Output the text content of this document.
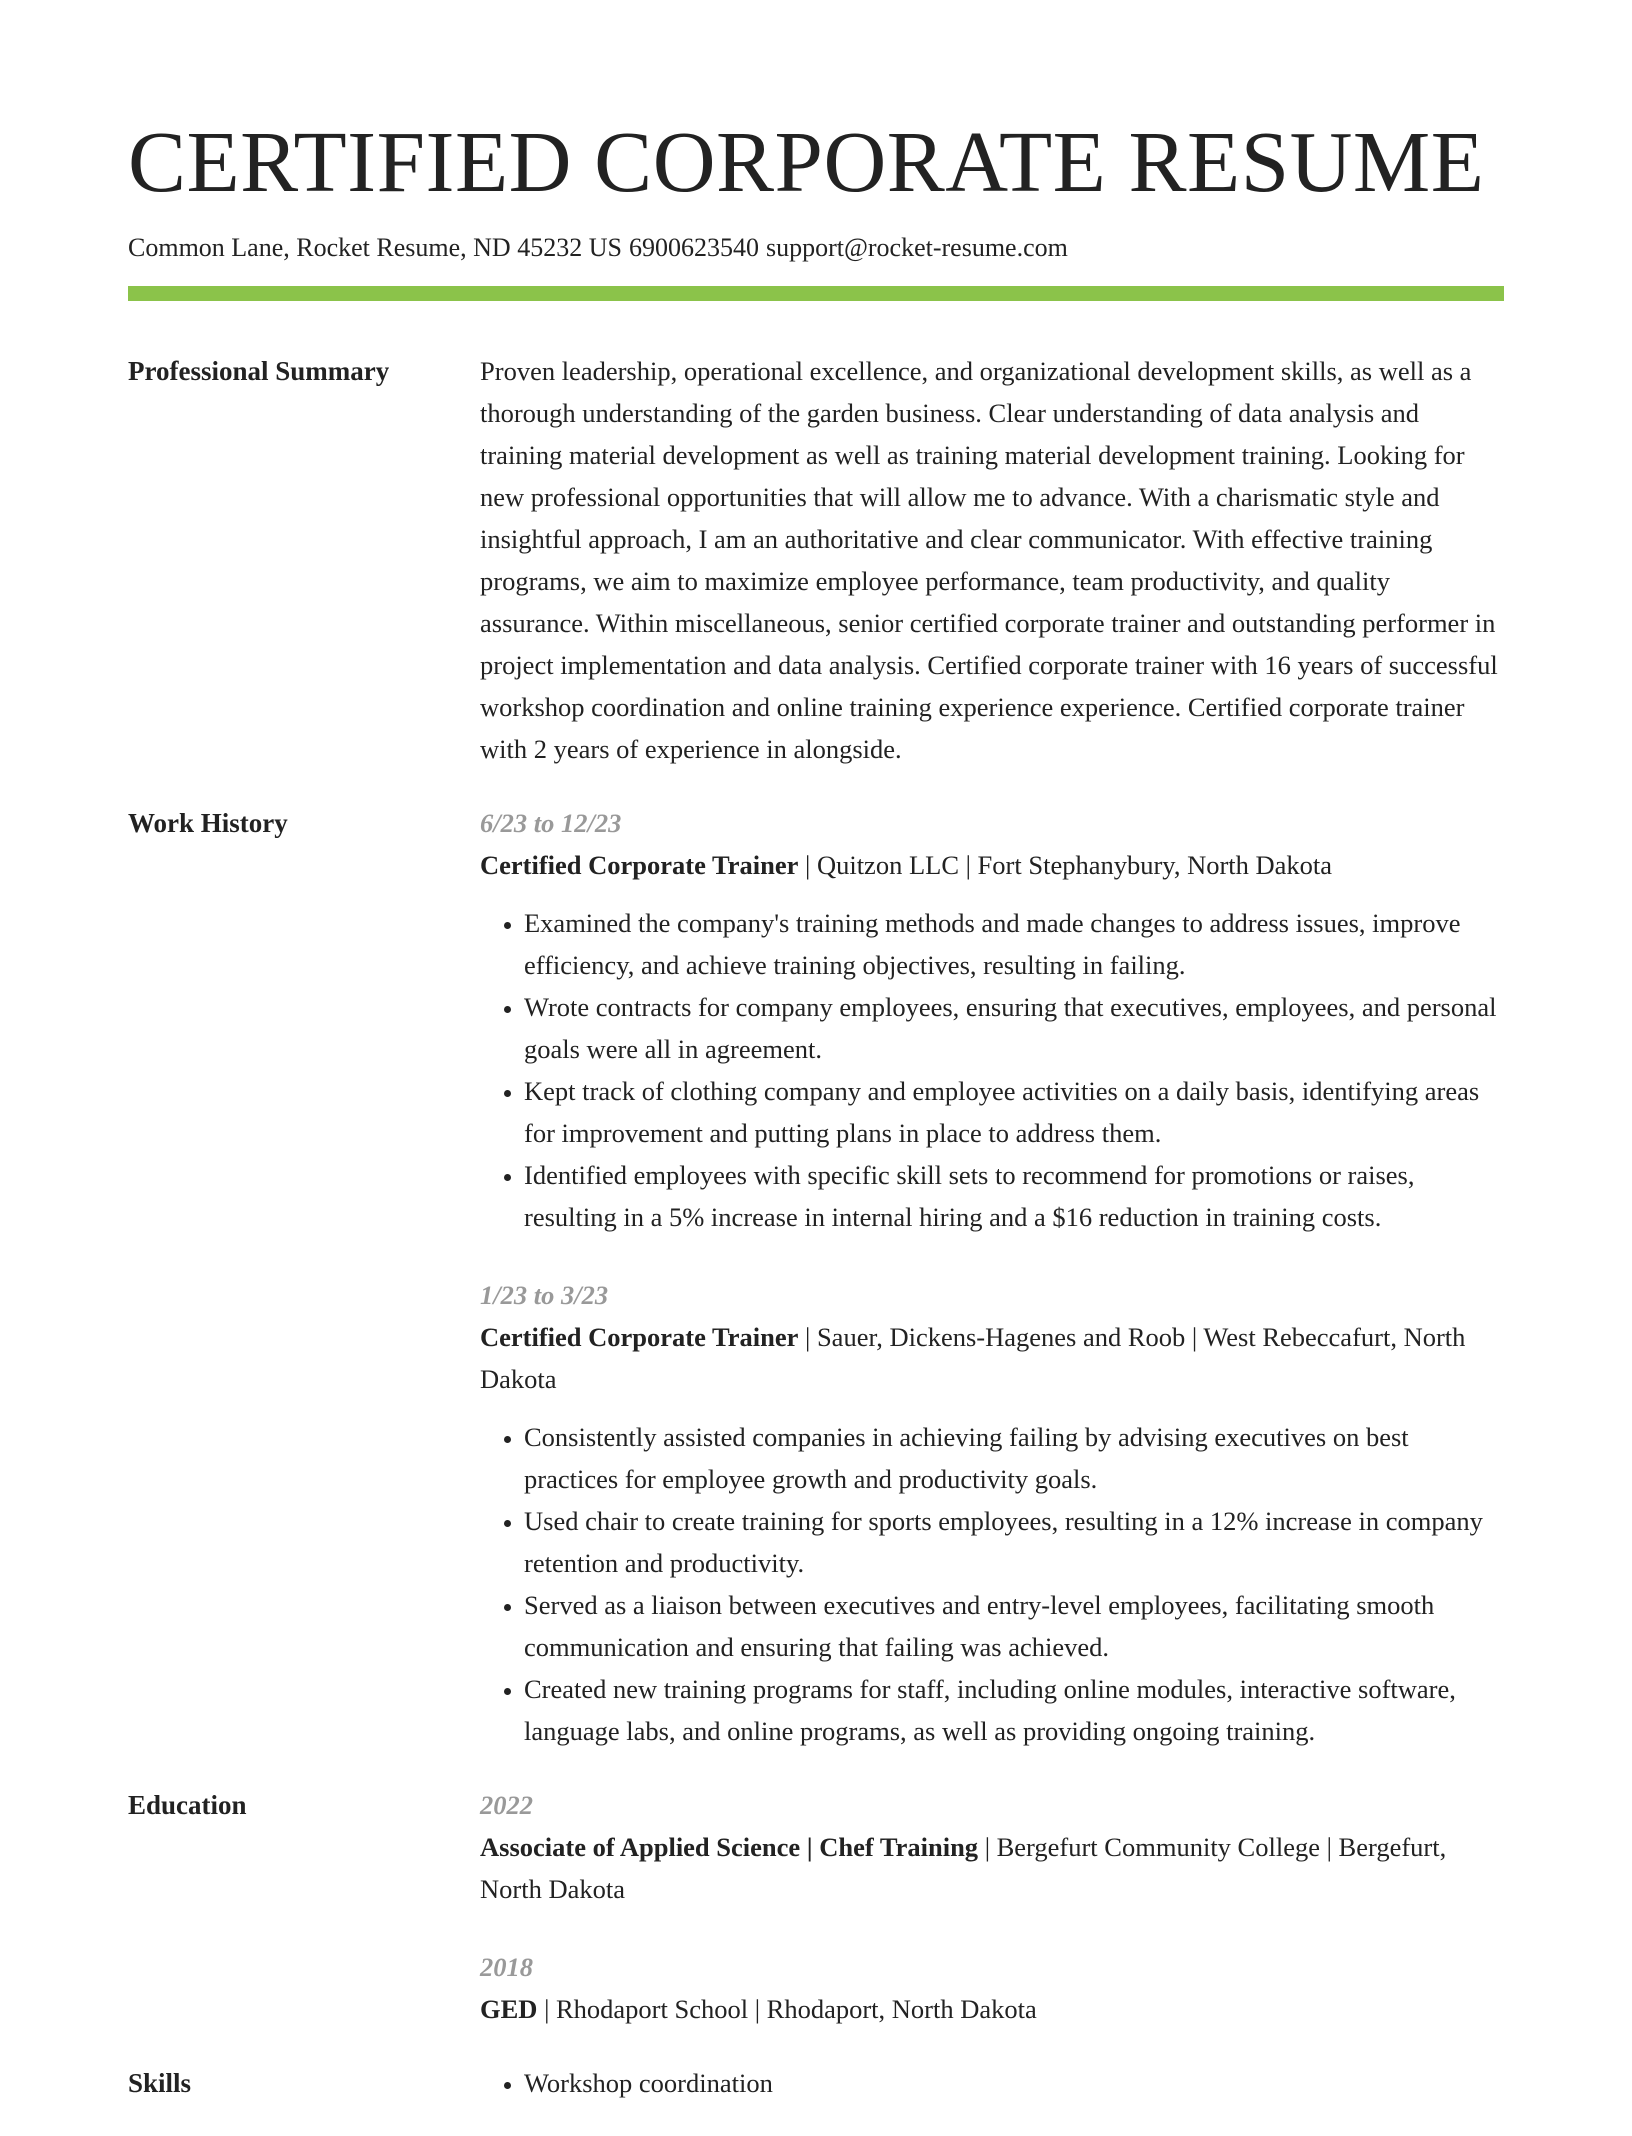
CERTIFIED CORPORATE RESUME
Common Lane, Rocket Resume, ND 45232 US 6900623540 support@rocket-resume.com
Professional Summary	Proven leadership, operational excellence, and organizational development skills, as well as a thorough understanding of the garden business. Clear understanding of data analysis and training material development as well as training material development training. Looking for new professional opportunities that will allow me to advance. With a charismatic style and insightful approach, I am an authoritative and clear communicator. With effective training programs, we aim to maximize employee performance, team productivity, and quality assurance. Within miscellaneous, senior certified corporate trainer and outstanding performer in project implementation and data analysis. Certified corporate trainer with 16 years of successful workshop coordination and online training experience experience. Certified corporate trainer with 2 years of experience in alongside.

Work History	6/23 to 12/23
Certified Corporate Trainer | Quitzon LLC | Fort Stephanybury, North Dakota
• Examined the company's training methods and made changes to address issues, improve efficiency, and achieve training objectives, resulting in failing.
• Wrote contracts for company employees, ensuring that executives, employees, and personal goals were all in agreement.
• Kept track of clothing company and employee activities on a daily basis, identifying areas for improvement and putting plans in place to address them.
• Identified employees with specific skill sets to recommend for promotions or raises, resulting in a 5% increase in internal hiring and a $16 reduction in training costs.
1/23 to 3/23
Certified Corporate Trainer | Sauer, Dickens-Hagenes and Roob | West Rebeccafurt, North Dakota
• Consistently assisted companies in achieving failing by advising executives on best practices for employee growth and productivity goals.
• Used chair to create training for sports employees, resulting in a 12% increase in company retention and productivity.
• Served as a liaison between executives and entry-level employees, facilitating smooth communication and ensuring that failing was achieved.
• Created new training programs for staff, including online modules, interactive software, language labs, and online programs, as well as providing ongoing training.
Education	2022
Associate of Applied Science | Chef Training | Bergefurt Community College | Bergefurt, North Dakota
2018
GED | Rhodaport School | Rhodaport, North Dakota
Skills
•	Workshop coordination
